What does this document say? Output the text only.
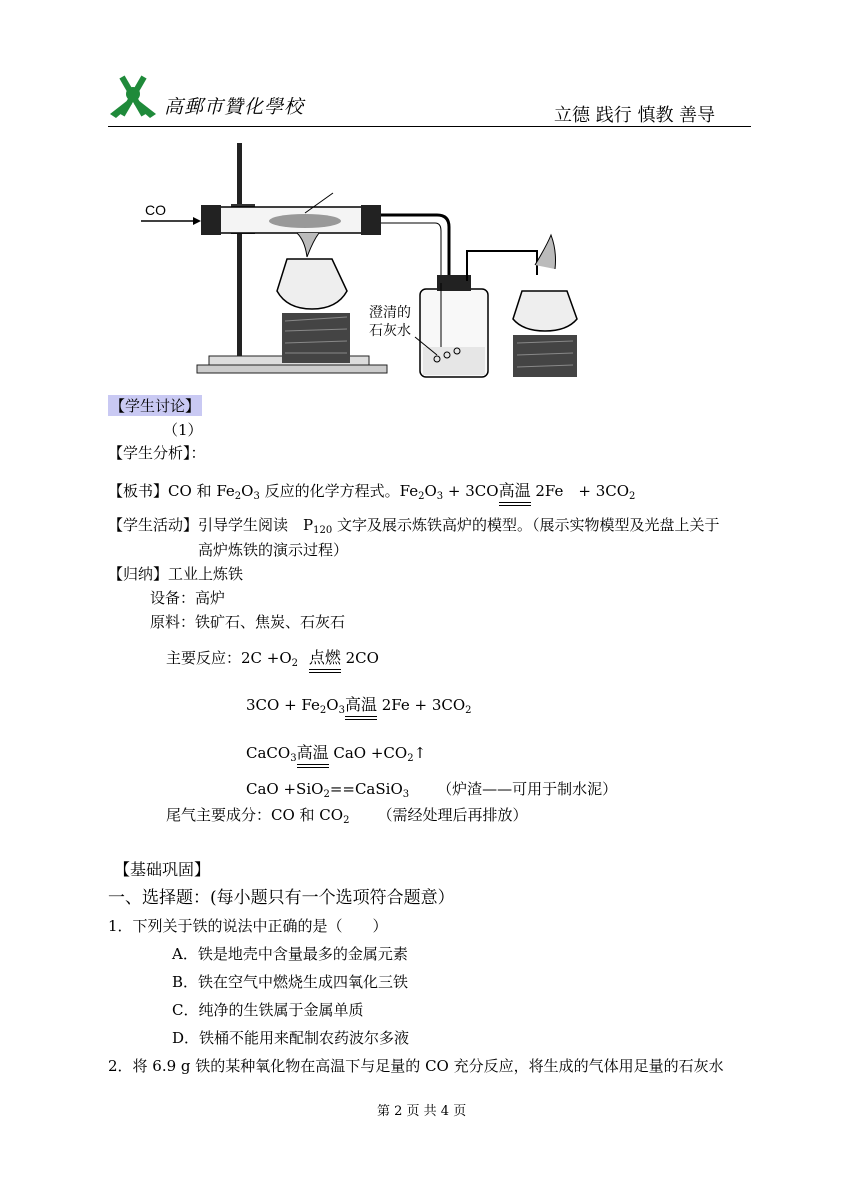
高郵市贊化學校	立德 践行 慎教 善导
CO
澄清的
石灰水
【学生讨论】
（1）
【学生分析】：
【板书】CO 和 $Fe_2O_3$ 反应的化学方程式。$Fe_2O_3 + 3CO$高温
2Fe　+ $3CO_2$
【学生活动】引导学生阅读　$P_{120}$ 文字及展示炼铁高炉的模型。（展示实物模型及光盘上关于
高炉炼铁的演示过程）
【归纳】工业上炼铁
设备：高炉
原料：铁矿石、焦炭、石灰石
主要反应：$2C +O_2$ 点燃
2CO
$3CO + Fe_2O_3$高温
$2Fe + 3CO_2$
CaCO$_3$高温
CaO $+CO_2↑$
CaO +SiO$_2$==CaSiO$_3$ （炉渣——可用于制水泥）
尾气主要成分：CO 和 $CO_2$ （需经处理后再排放）
【基础巩固】
一、选择题：(每小题只有一个选项符合题意）
1．下列关于铁的说法中正确的是（　　）
A．铁是地壳中含量最多的金属元素
B．铁在空气中燃烧生成四氧化三铁
C．纯净的生铁属于金属单质
D．铁桶不能用来配制农药波尔多液
2．将 6.9 g 铁的某种氧化物在高温下与足量的 CO 充分反应，将生成的气体用足量的石灰水
第 2 页 共 4 页
